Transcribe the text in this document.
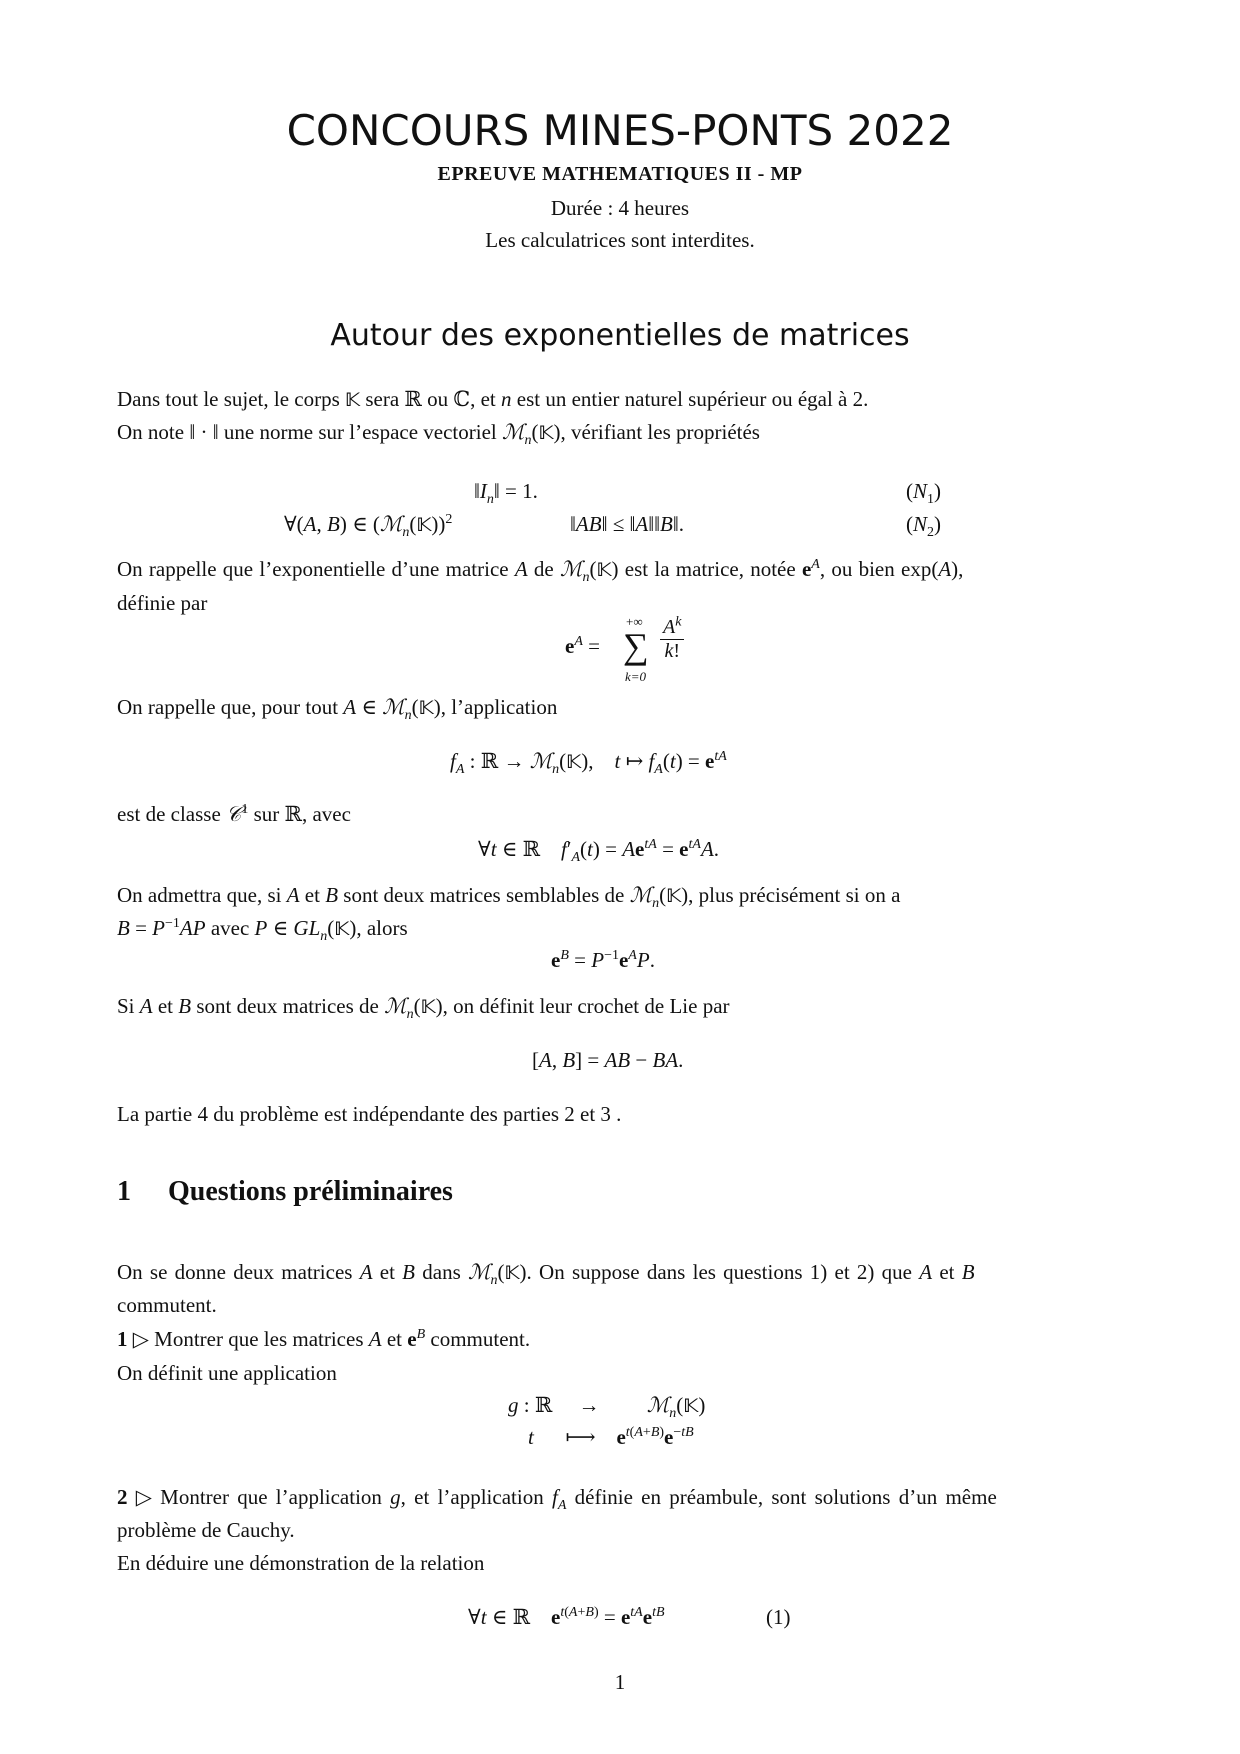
CONCOURS MINES-PONTS 2022
EPREUVE MATHEMATIQUES II - MP
Durée : 4 heures
Les calculatrices sont interdites.
Autour des exponentielles de matrices
Dans tout le sujet, le corps 𝕂 sera ℝ ou ℂ, et n est un entier naturel supérieur ou égal à 2.
On note ‖ · ‖ une norme sur l’espace vectoriel ℳ$_n$(𝕂), vérifiant les propriétés
$‖I_n‖ = 1$.	$(N_1)$
∀(A, B) ∈ (ℳ$_n$(𝕂))$^2$	‖AB‖ ≤ ‖A‖‖B‖.	$(N_2)$
On rappelle que l’exponentielle d’une matrice A de ℳ$_n$(𝕂) est la matrice, notée $e^A$, ou bien exp(A),
définie par
$e^A$ =
+∞
∑
k=0
$\frac{A^k}{k!}$
On rappelle que, pour tout A ∈ ℳ$_n$(𝕂), l’application
$f_A$ : ℝ → ℳ$_n$(𝕂),    t ↦ $f_A(t) = e^{tA}$
est de classe 𝒞$^1$ sur ℝ, avec
∀t ∈ ℝ    $f'_A(t) = Ae^{tA} = e^{tA}A$.
On admettra que, si A et B sont deux matrices semblables de ℳ$_n$(𝕂), plus précisément si on a
$B = P^{-1}AP$ avec P ∈ $GL_n(𝕂)$, alors
$e^B = P^{-1}e^AP$.
Si A et B sont deux matrices de ℳ$_n$(𝕂), on définit leur crochet de Lie par
[A, B] = AB − BA.
La partie 4 du problème est indépendante des parties 2 et 3 .
1 Questions préliminaires
On se donne deux matrices A et B dans ℳ$_n$(𝕂). On suppose dans les questions 1) et 2) que A et B
commutent.
1 ▷ Montrer que les matrices A et $e^B$ commutent.
On définit une application
g : ℝ     →         ℳ$_n$(𝕂)
t      ⟼    $e^{t(A+B)}e^{-tB}$
2 ▷ Montrer que l’application g, et l’application $f_A$ définie en préambule, sont solutions d’un même
problème de Cauchy.
En déduire une démonstration de la relation
∀t ∈ ℝ    $e^{t(A+B)} = e^{tA}e^{tB}$	(1)
1
